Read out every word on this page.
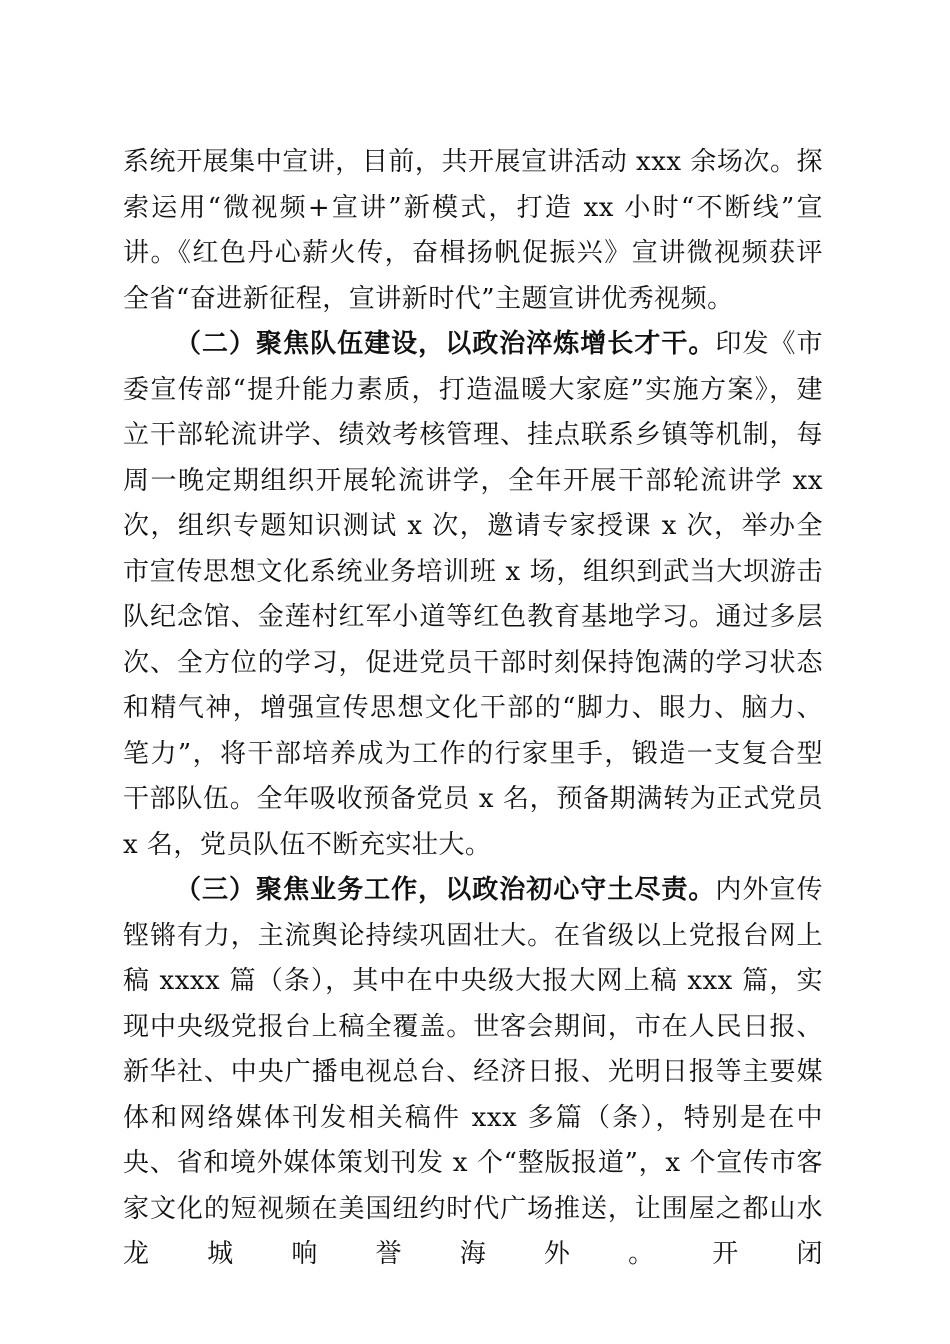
系统开展集中宣讲，目前，共开展宣讲活动 xxx 余场次。探索运用“微视频+宣讲”新模式，打造 xx 小时“不断线”宣讲。《红色丹心薪火传，奋楫扬帆促振兴》宣讲微视频获评全省“奋进新征程，宣讲新时代”主题宣讲优秀视频。

（二）聚焦队伍建设，以政治淬炼增长才干。印发《市委宣传部“提升能力素质，打造温暖大家庭”实施方案》，建立干部轮流讲学、绩效考核管理、挂点联系乡镇等机制，每周一晚定期组织开展轮流讲学，全年开展干部轮流讲学 xx 次，组织专题知识测试 x 次，邀请专家授课 x 次，举办全市宣传思想文化系统业务培训班 x 场，组织到武当大坝游击队纪念馆、金莲村红军小道等红色教育基地学习。通过多层次、全方位的学习，促进党员干部时刻保持饱满的学习状态和精气神，增强宣传思想文化干部的“脚力、眼力、脑力、笔力”，将干部培养成为工作的行家里手，锻造一支复合型干部队伍。全年吸收预备党员 x 名，预备期满转为正式党员 x 名，党员队伍不断充实壮大。

（三）聚焦业务工作，以政治初心守土尽责。内外宣传铿锵有力，主流舆论持续巩固壮大。在省级以上党报台网上稿 xxxx 篇（条），其中在中央级大报大网上稿 xxx 篇，实现中央级党报台上稿全覆盖。世客会期间，市在人民日报、新华社、中央广播电视总台、经济日报、光明日报等主要媒体和网络媒体刊发相关稿件 xxx 多篇（条），特别是在中央、省和境外媒体策划刊发 x 个“整版报道”，x 个宣传市客家文化的短视频在美国纽约时代广场推送，让围屋之都山水龙城响誉海外。开闭
